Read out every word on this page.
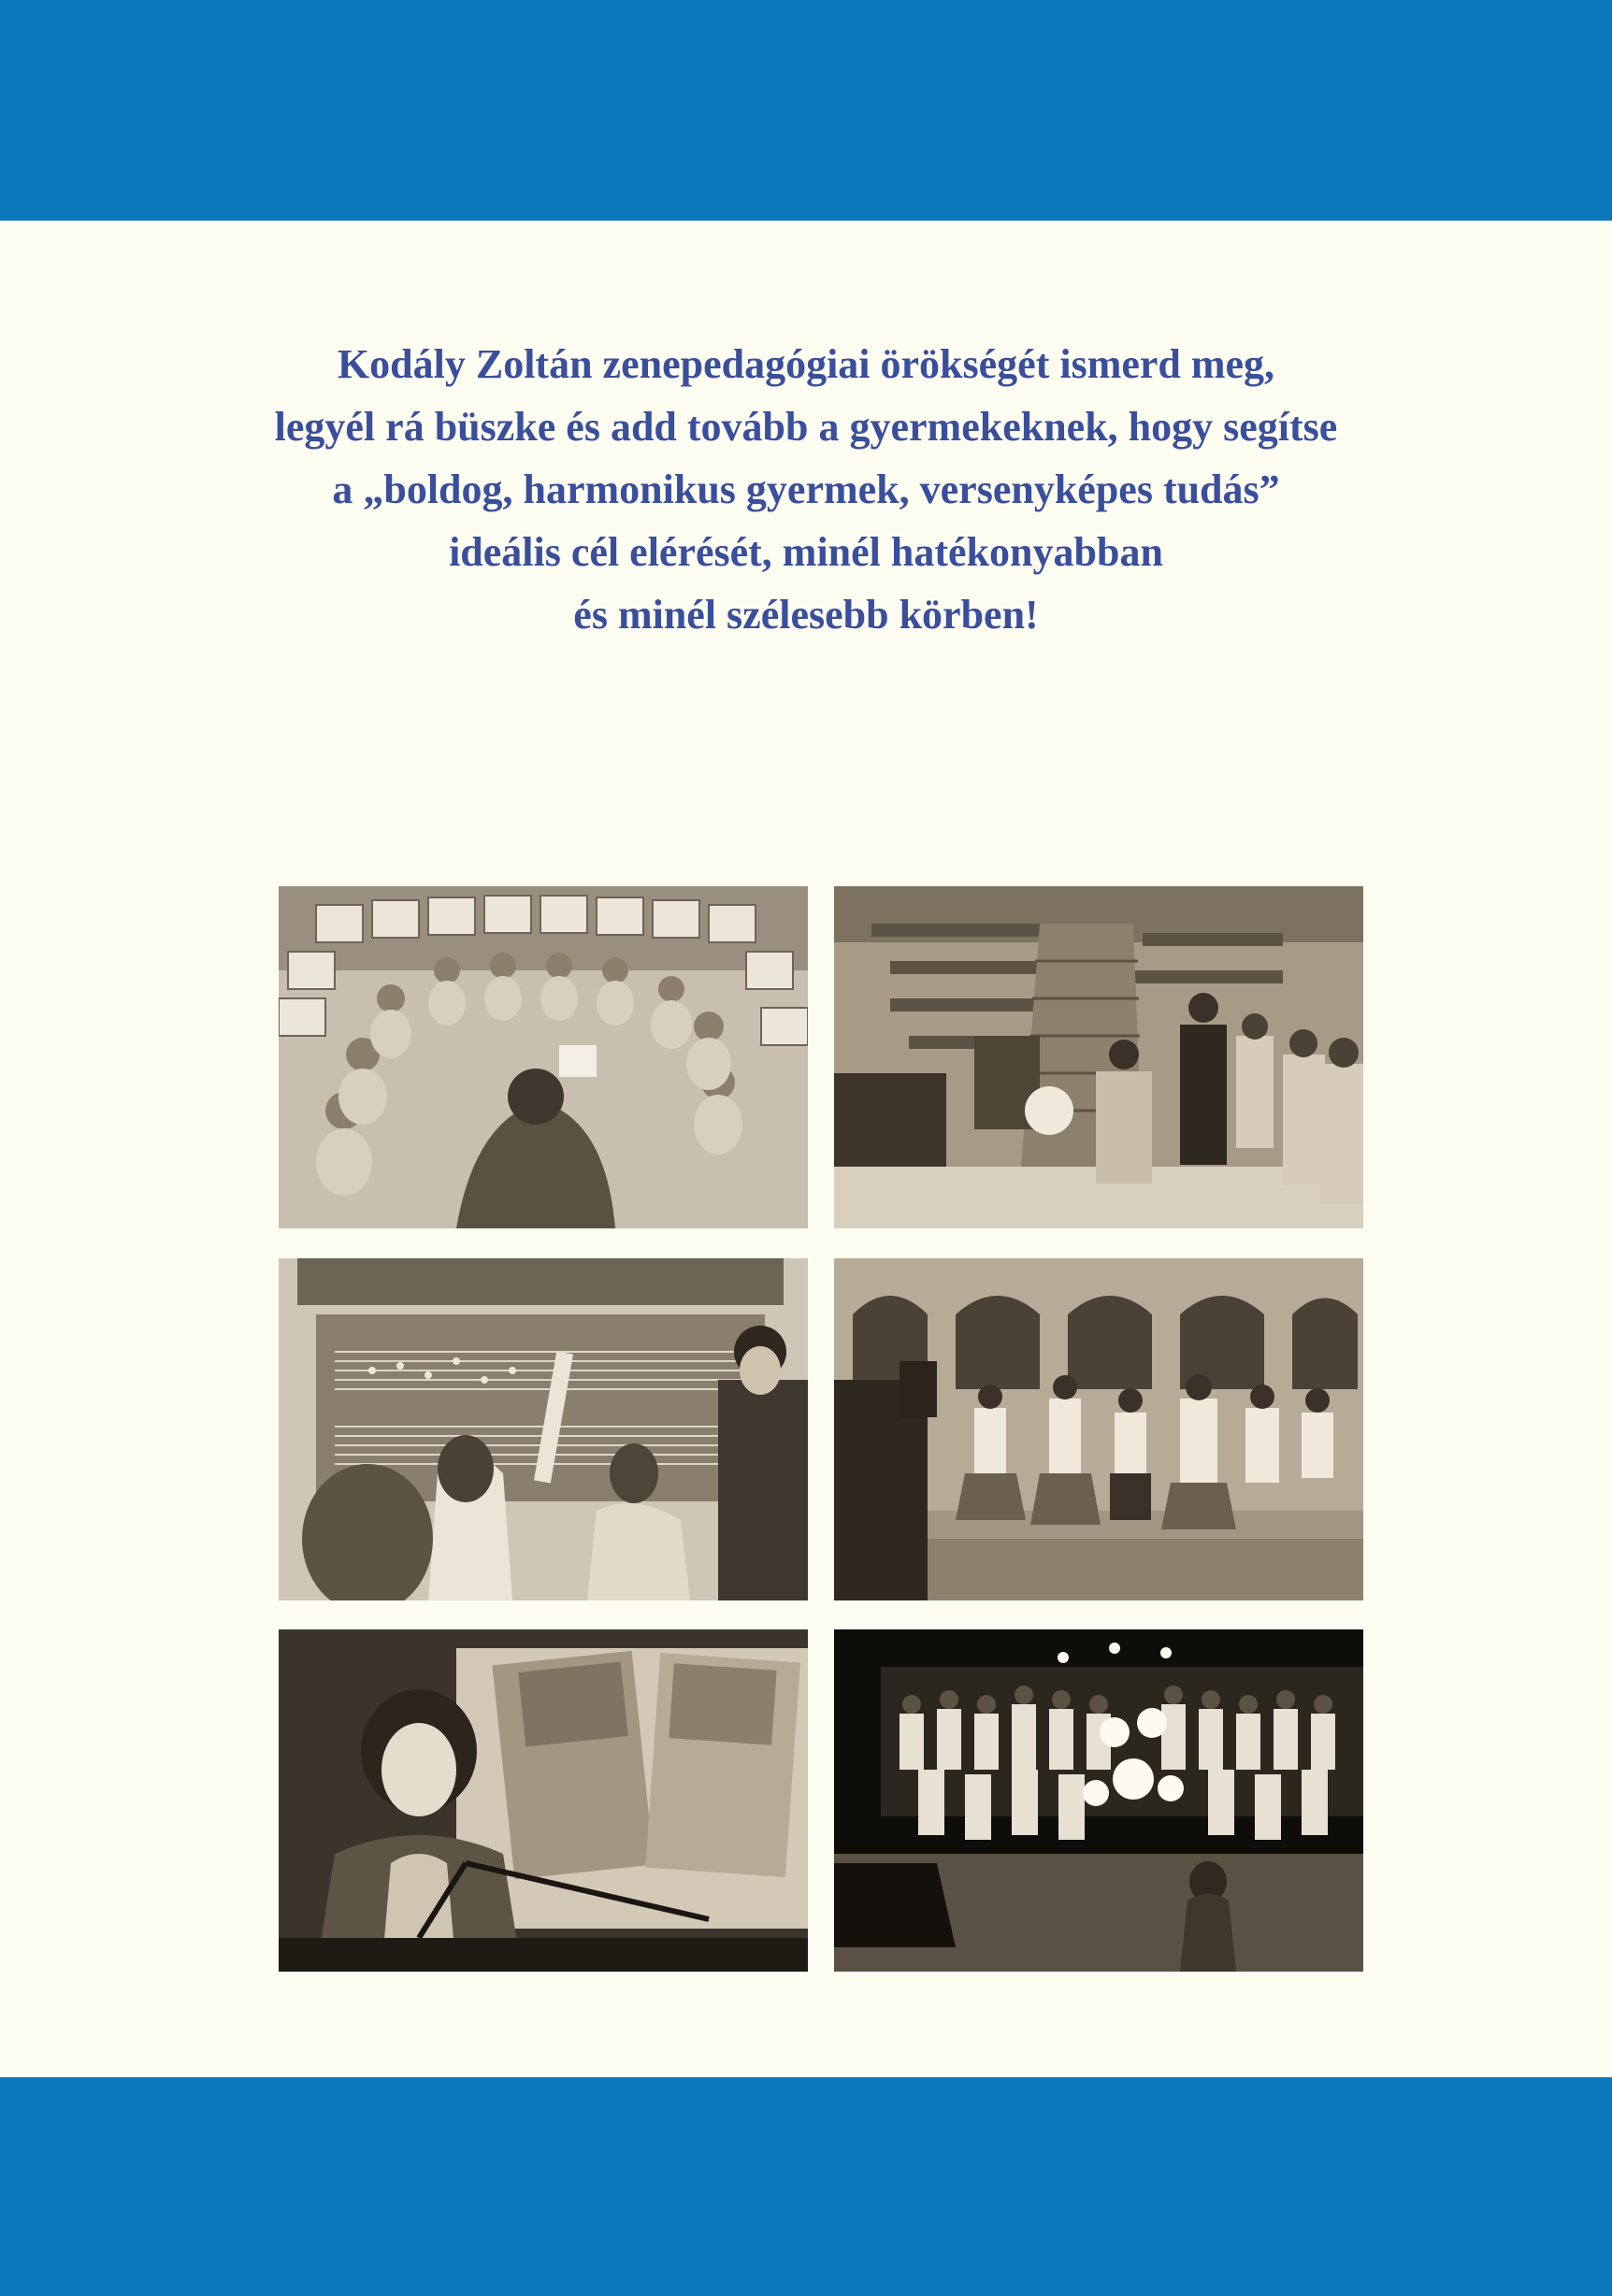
Kodály Zoltán zenepedagógiai örökségét ismerd meg,
legyél rá büszke és add tovább a gyermekeknek, hogy segítse
a „boldog, harmonikus gyermek, versenyképes tudás”
ideális cél elérését, minél hatékonyabban
és minél szélesebb körben!
